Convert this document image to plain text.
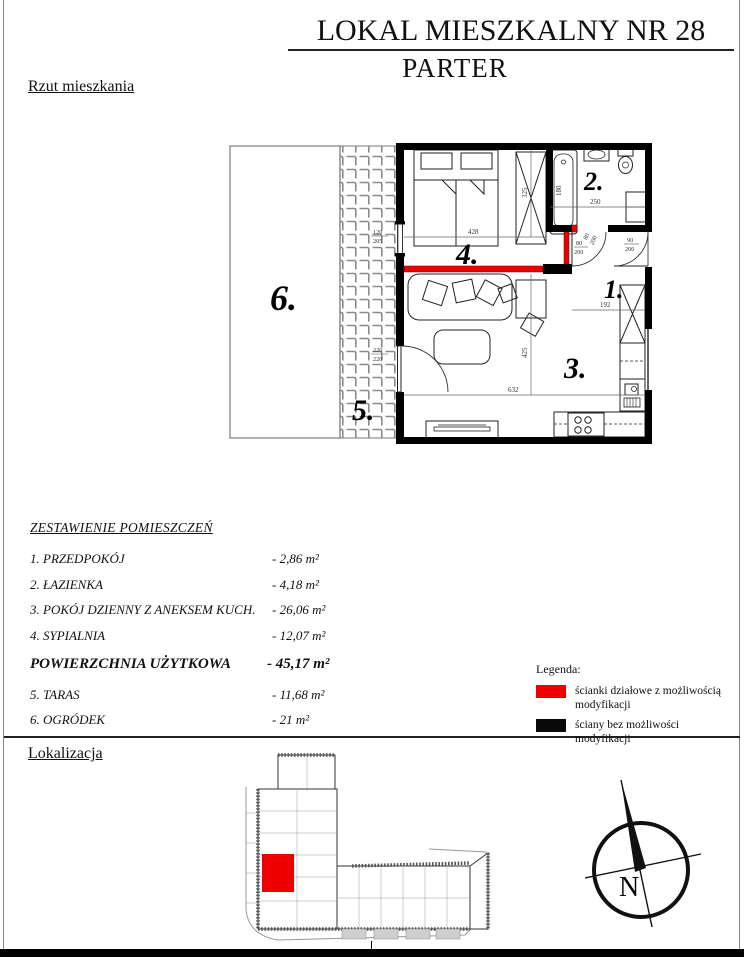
LOKAL MIESZKALNY NR 28
PARTER
Rzut mieszkania
Lokalizacja
6.
5.
4.
2.
1.
3.
428
250
192
632
325
425
180
120
205
220
220
80
200
80
200	90
200
ZESTAWIENIE POMIESZCZEŃ
1. PRZEDPOKÓJ	- 2,86 m²
2. ŁAZIENKA	- 4,18 m²
3. POKÓJ DZIENNY Z ANEKSEM KUCH.	- 26,06 m²
4. SYPIALNIA	- 12,07 m²
POWIERZCHNIA UŻYTKOWA	- 45,17 m²
5. TARAS	- 11,68 m²
6. OGRÓDEK	- 21 m²
Legenda:
ścianki działowe z możliwością modyfikacji
ściany bez możliwości modyfikacji
N
